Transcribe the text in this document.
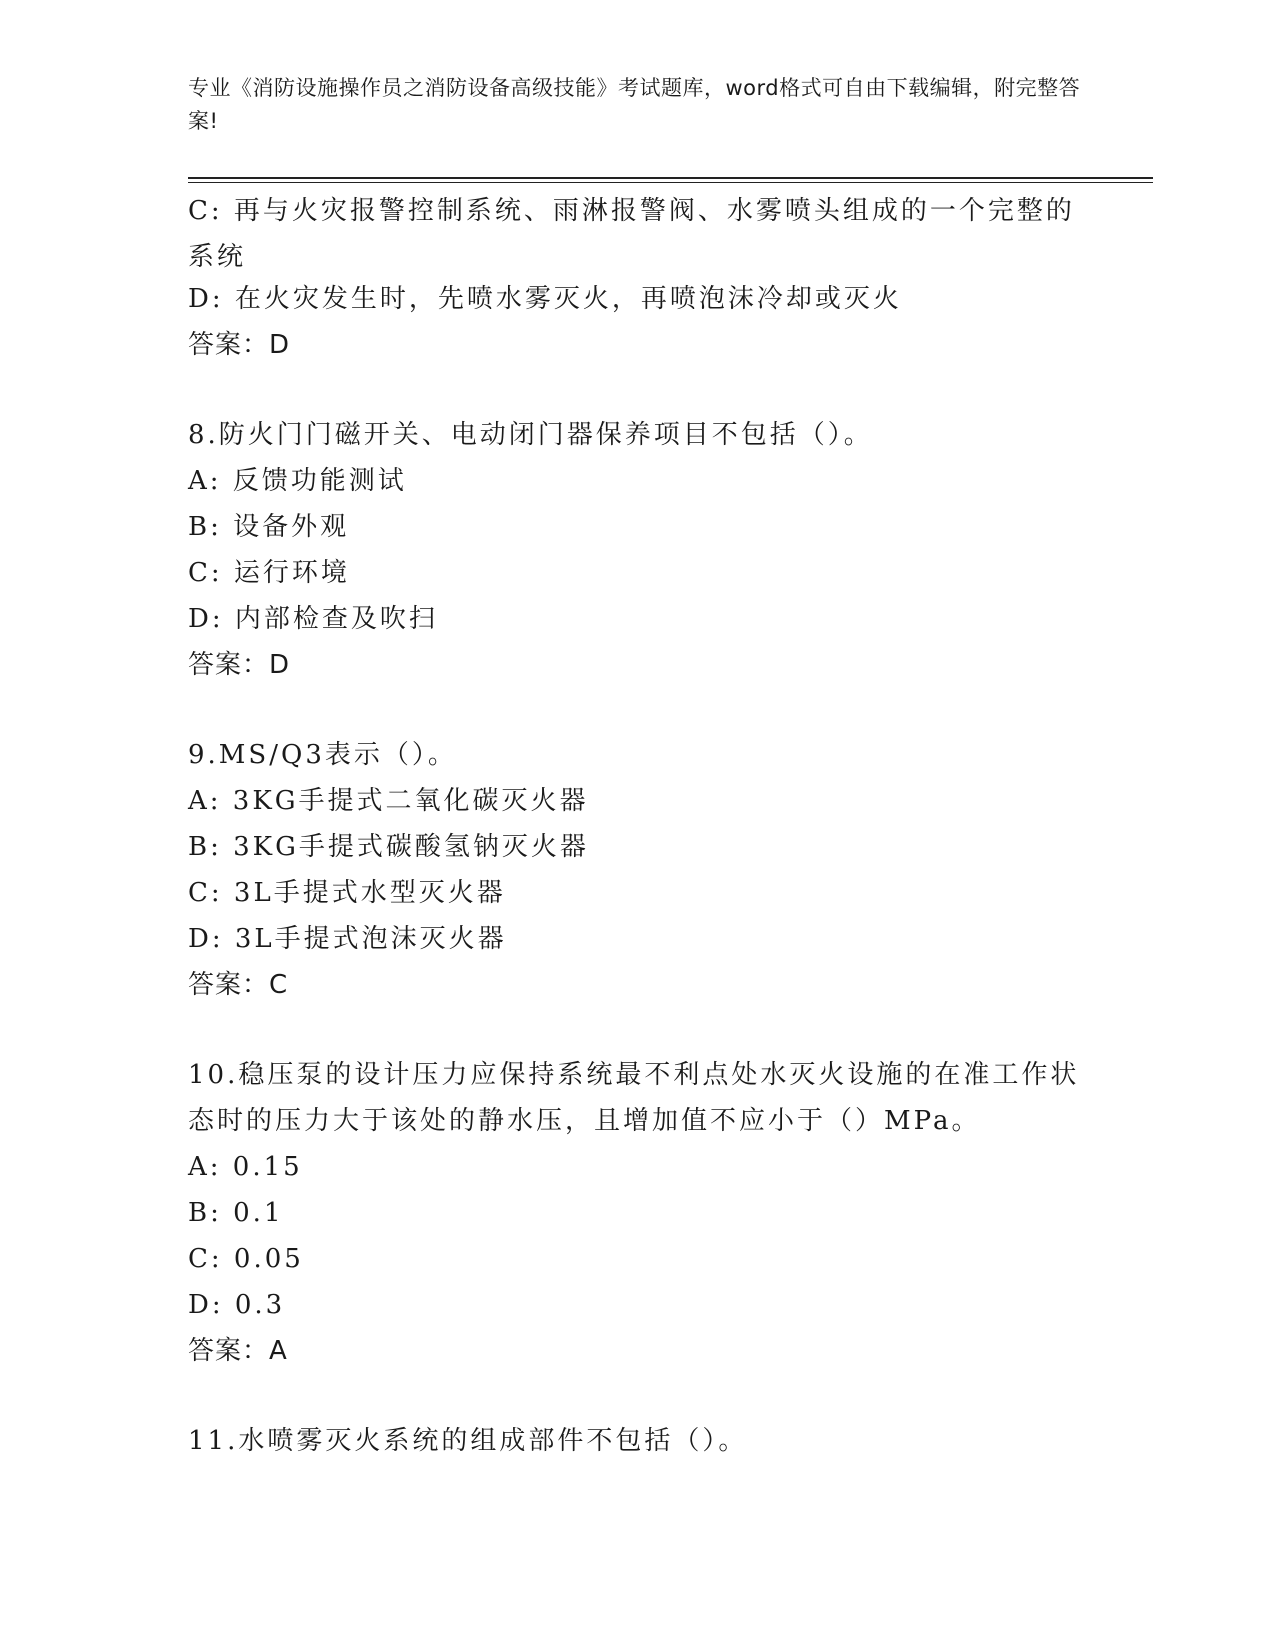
专业《消防设施操作员之消防设备高级技能》考试题库，word格式可自由下载编辑，附完整答案!
C: 再与火灾报警控制系统、雨淋报警阀、水雾喷头组成的一个完整的系统
D: 在火灾发生时，先喷水雾灭火，再喷泡沫冷却或灭火
答案：D
8.防火门门磁开关、电动闭门器保养项目不包括（）。
A: 反馈功能测试
B: 设备外观
C: 运行环境
D: 内部检查及吹扫
答案：D
9.MS/Q3表示（）。
A: 3KG手提式二氧化碳灭火器
B: 3KG手提式碳酸氢钠灭火器
C: 3L手提式水型灭火器
D: 3L手提式泡沫灭火器
答案：C
10.稳压泵的设计压力应保持系统最不利点处水灭火设施的在准工作状态时的压力大于该处的静水压，且增加值不应小于（）MPa。
A: 0.15
B: 0.1
C: 0.05
D: 0.3
答案：A
11.水喷雾灭火系统的组成部件不包括（）。
